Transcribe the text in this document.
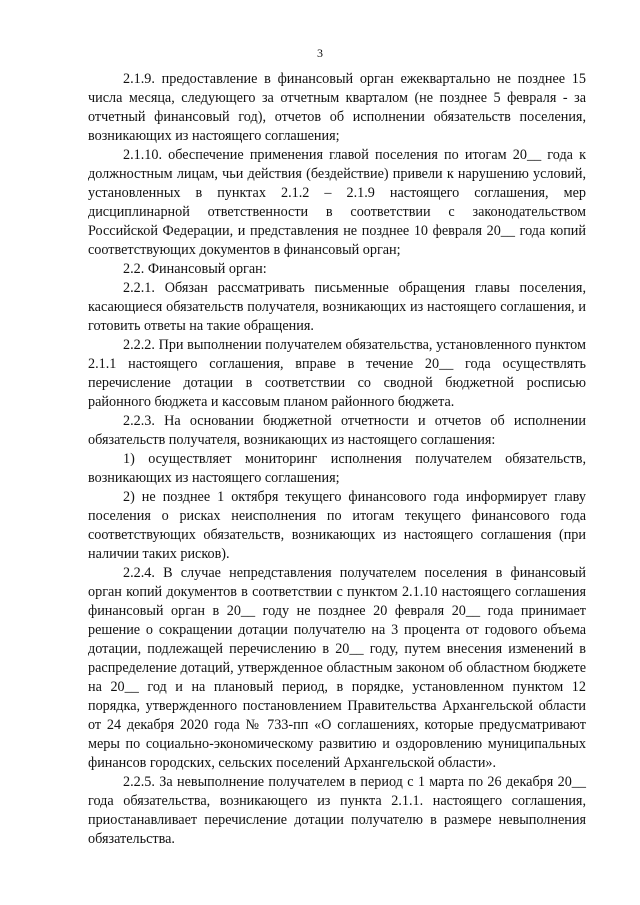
3

2.1.9. предоставление в финансовый орган ежеквартально не позднее 15 числа месяца, следующего за отчетным кварталом (не позднее 5 февраля - за отчетный финансовый год), отчетов об исполнении обязательств поселения, возникающих из настоящего соглашения;

2.1.10. обеспечение применения главой поселения по итогам 20__ года к должностным лицам, чьи действия (бездействие) привели к нарушению условий, установленных в пунктах 2.1.2 – 2.1.9 настоящего соглашения, мер дисциплинарной ответственности в соответствии с законодательством Российской Федерации, и представления не позднее 10 февраля 20__ года копий соответствующих документов в финансовый орган;

2.2. Финансовый орган:

2.2.1. Обязан рассматривать письменные обращения главы поселения, касающиеся обязательств получателя, возникающих из настоящего соглашения, и готовить ответы на такие обращения.

2.2.2. При выполнении получателем обязательства, установленного пунктом 2.1.1 настоящего соглашения, вправе в течение 20__ года осуществлять перечисление дотации в соответствии со сводной бюджетной росписью районного бюджета и кассовым планом районного бюджета.

2.2.3. На основании бюджетной отчетности и отчетов об исполнении обязательств получателя, возникающих из настоящего соглашения:

1) осуществляет мониторинг исполнения получателем обязательств, возникающих из настоящего соглашения;

2) не позднее 1 октября текущего финансового года информирует главу поселения о рисках неисполнения по итогам текущего финансового года соответствующих обязательств, возникающих из настоящего соглашения (при наличии таких рисков).

2.2.4. В случае непредставления получателем поселения в финансовый орган копий документов в соответствии с пунктом 2.1.10 настоящего соглашения финансовый орган в 20__ году не позднее 20 февраля 20__ года принимает решение о сокращении дотации получателю на 3 процента от годового объема дотации, подлежащей перечислению в 20__ году, путем внесения изменений в распределение дотаций, утвержденное областным законом об областном бюджете на 20__ год и на плановый период, в порядке, установленном пунктом 12 порядка, утвержденного постановлением Правительства Архангельской области от 24 декабря 2020 года № 733-пп «О соглашениях, которые предусматривают меры по социально-экономическому развитию и оздоровлению муниципальных финансов городских, сельских поселений Архангельской области».

2.2.5. За невыполнение получателем в период с 1 марта по 26 декабря 20__ года обязательства, возникающего из пункта 2.1.1. настоящего соглашения, приостанавливает перечисление дотации получателю в размере невыполнения обязательства.
